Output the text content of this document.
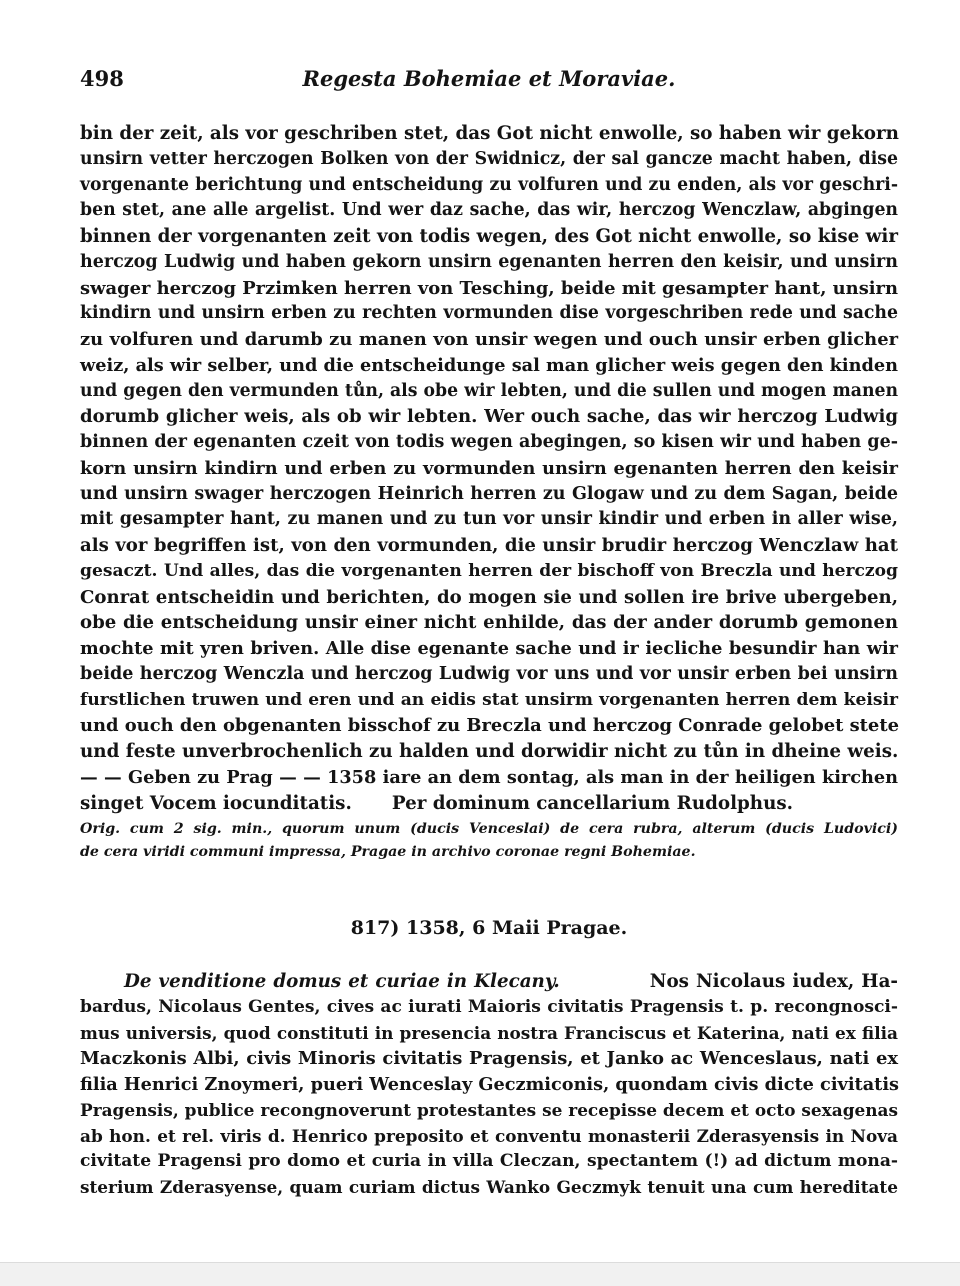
498	Regesta Bohemiae et Moraviae.
bin der zeit, als vor geschriben stet, das Got nicht enwolle, so haben wir gekorn
unsirn vetter herczogen Bolken von der Swidnicz, der sal gancze macht haben, dise
vorgenante berichtung und entscheidung zu volfuren und zu enden, als vor geschri-
ben stet, ane alle argelist. Und wer daz sache, das wir, herczog Wenczlaw, abgingen
binnen der vorgenanten zeit von todis wegen, des Got nicht enwolle, so kise wir
herczog Ludwig und haben gekorn unsirn egenanten herren den keisir, und unsirn
swager herczog Przimken herren von Tesching, beide mit gesampter hant, unsirn
kindirn und unsirn erben zu rechten vormunden dise vorgeschriben rede und sache
zu volfuren und darumb zu manen von unsir wegen und ouch unsir erben glicher
weiz, als wir selber, und die entscheidunge sal man glicher weis gegen den kinden
und gegen den vermunden tůn, als obe wir lebten, und die sullen und mogen manen
dorumb glicher weis, als ob wir lebten. Wer ouch sache, das wir herczog Ludwig
binnen der egenanten czeit von todis wegen abegingen, so kisen wir und haben ge-
korn unsirn kindirn und erben zu vormunden unsirn egenanten herren den keisir
und unsirn swager herczogen Heinrich herren zu Glogaw und zu dem Sagan, beide
mit gesampter hant, zu manen und zu tun vor unsir kindir und erben in aller wise,
als vor begriffen ist, von den vormunden, die unsir brudir herczog Wenczlaw hat
gesaczt. Und alles, das die vorgenanten herren der bischoff von Breczla und herczog
Conrat entscheidin und berichten, do mogen sie und sollen ire brive ubergeben,
obe die entscheidung unsir einer nicht enhilde, das der ander dorumb gemonen
mochte mit yren briven. Alle dise egenante sache und ir iecliche besundir han wir
beide herczog Wenczla und herczog Ludwig vor uns und vor unsir erben bei unsirn
furstlichen truwen und eren und an eidis stat unsirm vorgenanten herren dem keisir
und ouch den obgenanten bisschof zu Breczla und herczog Conrade gelobet stete
und feste unverbrochenlich zu halden und dorwidir nicht zu tůn in dheine weis.
— — Geben zu Prag — — 1358 iare an dem sontag, als man in der heiligen kirchen
singet Vocem iocunditatis. Per dominum cancellarium Rudolphus.
Orig. cum 2 sig. min., quorum unum (ducis Venceslai) de cera rubra, alterum (ducis Ludovici)
de cera viridi communi impressa, Pragae in archivo coronae regni Bohemiae.
817) 1358, 6 Maii Pragae.
De venditione domus et curiae in Klecany.	Nos Nicolaus iudex, Ha-
bardus, Nicolaus Gentes, cives ac iurati Maioris civitatis Pragensis t. p. recongnosci-
mus universis, quod constituti in presencia nostra Franciscus et Katerina, nati ex filia
Maczkonis Albi, civis Minoris civitatis Pragensis, et Janko ac Wenceslaus, nati ex
filia Henrici Znoymeri, pueri Wenceslay Geczmiconis, quondam civis dicte civitatis
Pragensis, publice recongnoverunt protestantes se recepisse decem et octo sexagenas
ab hon. et rel. viris d. Henrico preposito et conventu monasterii Zderasyensis in Nova
civitate Pragensi pro domo et curia in villa Cleczan, spectantem (!) ad dictum mona-
sterium Zderasyense, quam curiam dictus Wanko Geczmyk tenuit una cum hereditate
